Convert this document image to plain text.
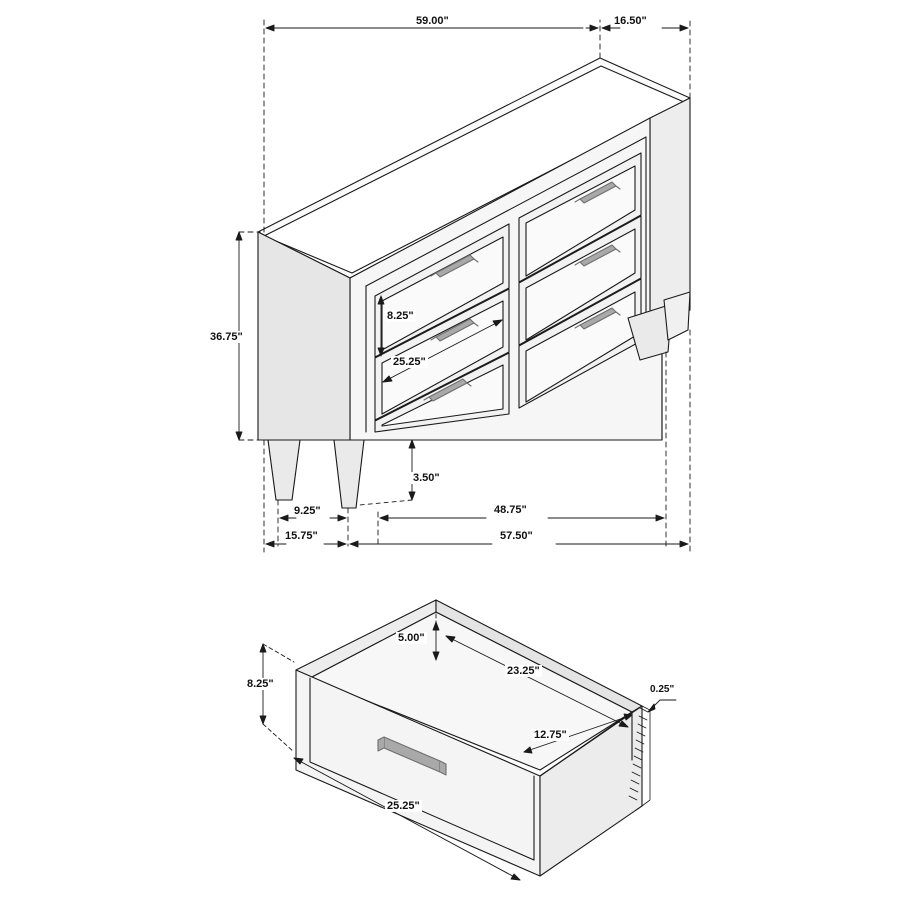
59.00"	16.50"
36.75"
8.25"
25.25"
3.50"
9.25"
15.75"
48.75"
57.50"
5.00"
23.25"
8.25"	0.25"
12.75"
25.25"
